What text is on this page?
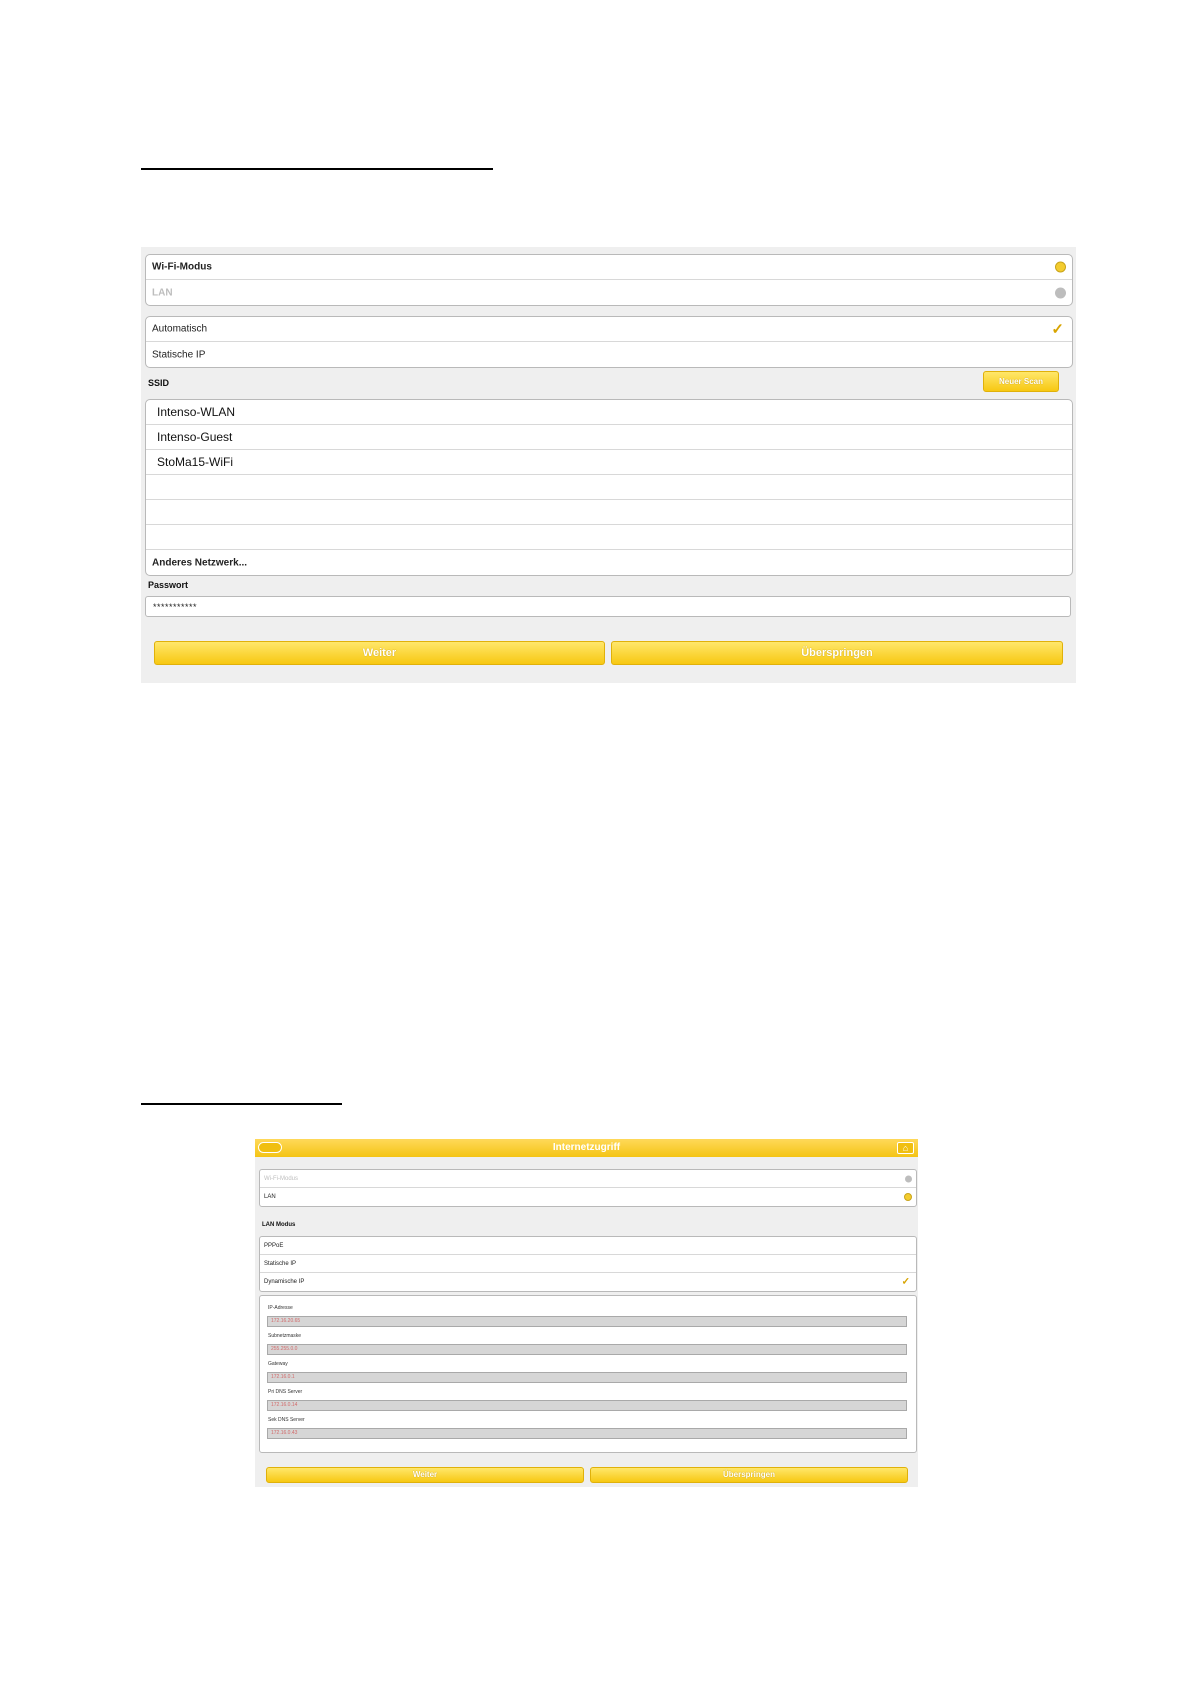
Wi-Fi-Modus
LAN
Automatisch	✓
Statische IP
SSID	Neuer Scan
Intenso-WLAN
Intenso-Guest
StoMa15-WiFi
Anderes Netzwerk...
Passwort
***********
Weiter	Überspringen
Internetzugriff	⌂
Wi-Fi-Modus
LAN
LAN Modus
PPPoE
Statische IP
Dynamische IP	✓
IP-Adresse
172.16.20.65
Subnetzmaske
255.255.0.0
Gateway
172.16.0.1
Pri DNS Server
172.16.0.14
Sek DNS Server
172.16.0.43
Weiter	Überspringen
